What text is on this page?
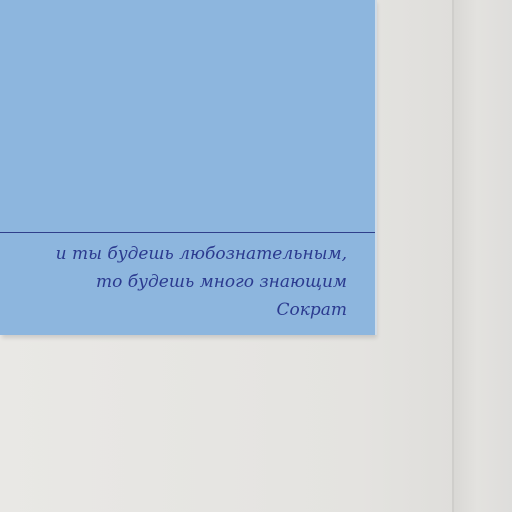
и ты будешь любознательным,
то будешь много знающим
Сократ
